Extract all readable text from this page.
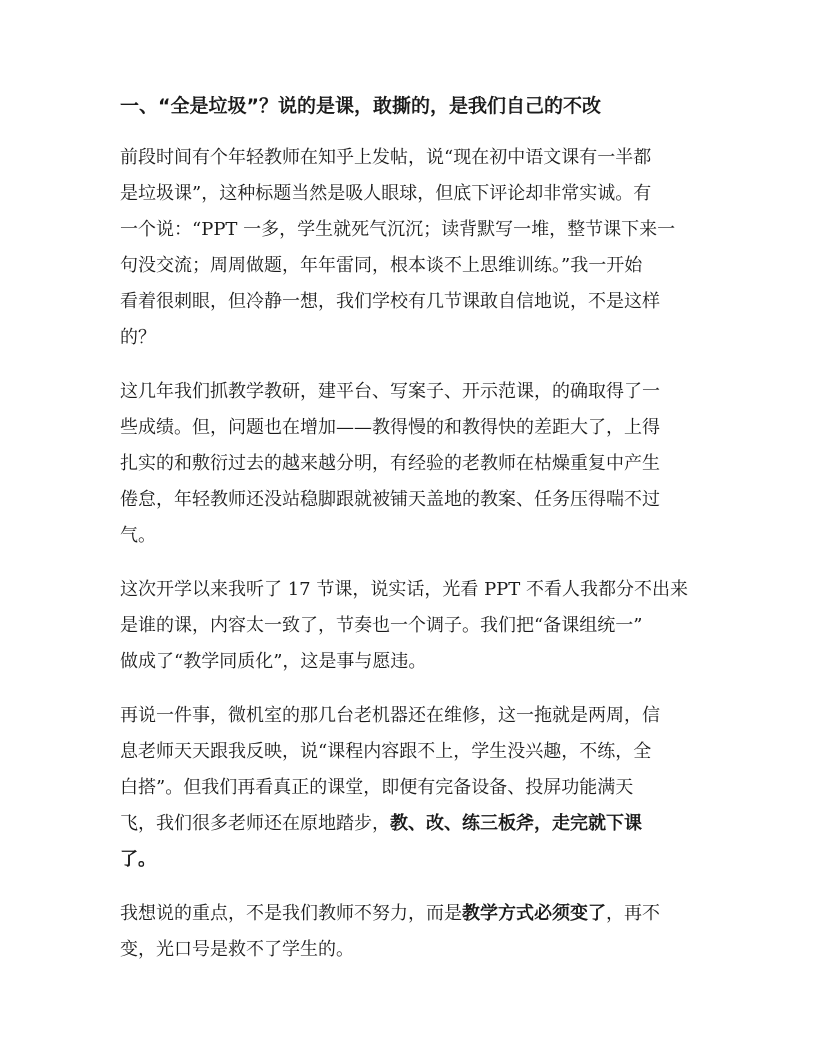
一、“全是垃圾”？说的是课，敢撕的，是我们自己的不改
前段时间有个年轻教师在知乎上发帖，说“现在初中语文课有一半都
是垃圾课”，这种标题当然是吸人眼球，但底下评论却非常实诚。有
一个说：“PPT 一多，学生就死气沉沉；读背默写一堆，整节课下来一
句没交流；周周做题，年年雷同，根本谈不上思维训练。”我一开始
看着很刺眼，但冷静一想，我们学校有几节课敢自信地说，不是这样
的？
这几年我们抓教学教研，建平台、写案子、开示范课，的确取得了一
些成绩。但，问题也在增加——教得慢的和教得快的差距大了，上得
扎实的和敷衍过去的越来越分明，有经验的老教师在枯燥重复中产生
倦怠，年轻教师还没站稳脚跟就被铺天盖地的教案、任务压得喘不过
气。
这次开学以来我听了 17 节课，说实话，光看 PPT 不看人我都分不出来
是谁的课，内容太一致了，节奏也一个调子。我们把“备课组统一”
做成了“教学同质化”，这是事与愿违。
再说一件事，微机室的那几台老机器还在维修，这一拖就是两周，信
息老师天天跟我反映，说“课程内容跟不上，学生没兴趣，不练，全
白搭”。但我们再看真正的课堂，即便有完备设备、投屏功能满天
飞，我们很多老师还在原地踏步，教、改、练三板斧，走完就下课
了。
我想说的重点，不是我们教师不努力，而是教学方式必须变了，再不
变，光口号是救不了学生的。
